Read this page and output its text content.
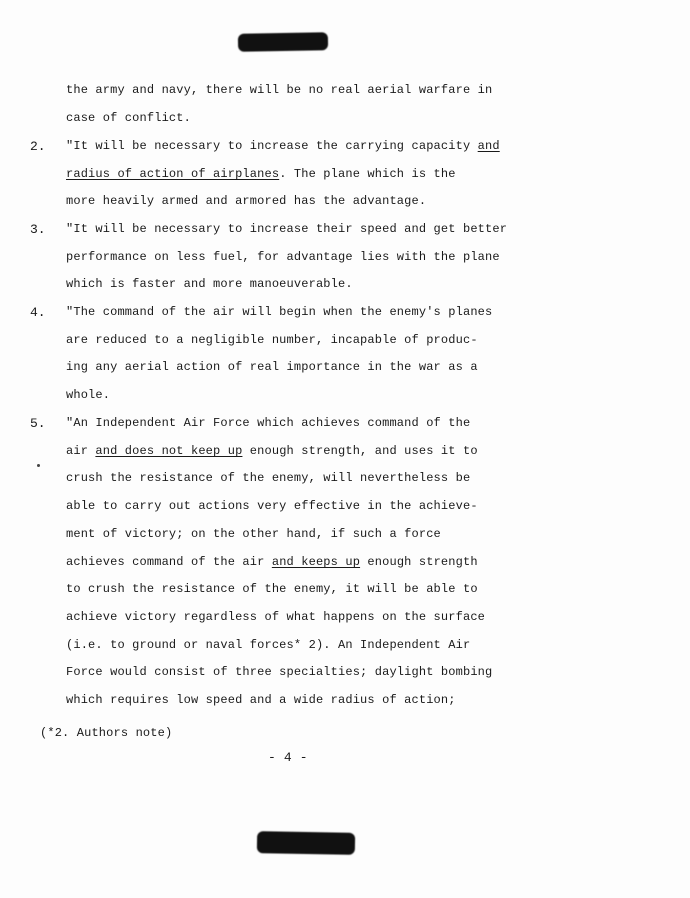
the army and navy, there will be no real aerial warfare in
case of conflict.
2. "It will be necessary to increase the carrying capacity and
radius of action of airplanes. The plane which is the
more heavily armed and armored has the advantage.
3. "It will be necessary to increase their speed and get better
performance on less fuel, for advantage lies with the plane
which is faster and more manoeuverable.
4. "The command of the air will begin when the enemy's planes
are reduced to a negligible number, incapable of produc-
ing any aerial action of real importance in the war as a
whole.
5. "An Independent Air Force which achieves command of the
air and does not keep up enough strength, and uses it to
crush the resistance of the enemy, will nevertheless be
able to carry out actions very effective in the achieve-
ment of victory; on the other hand, if such a force
achieves command of the air and keeps up enough strength
to crush the resistance of the enemy, it will be able to
achieve victory regardless of what happens on the surface
(i.e. to ground or naval forces* 2). An Independent Air
Force would consist of three specialties; daylight bombing
which requires low speed and a wide radius of action;
(*2. Authors note)
- 4 -
